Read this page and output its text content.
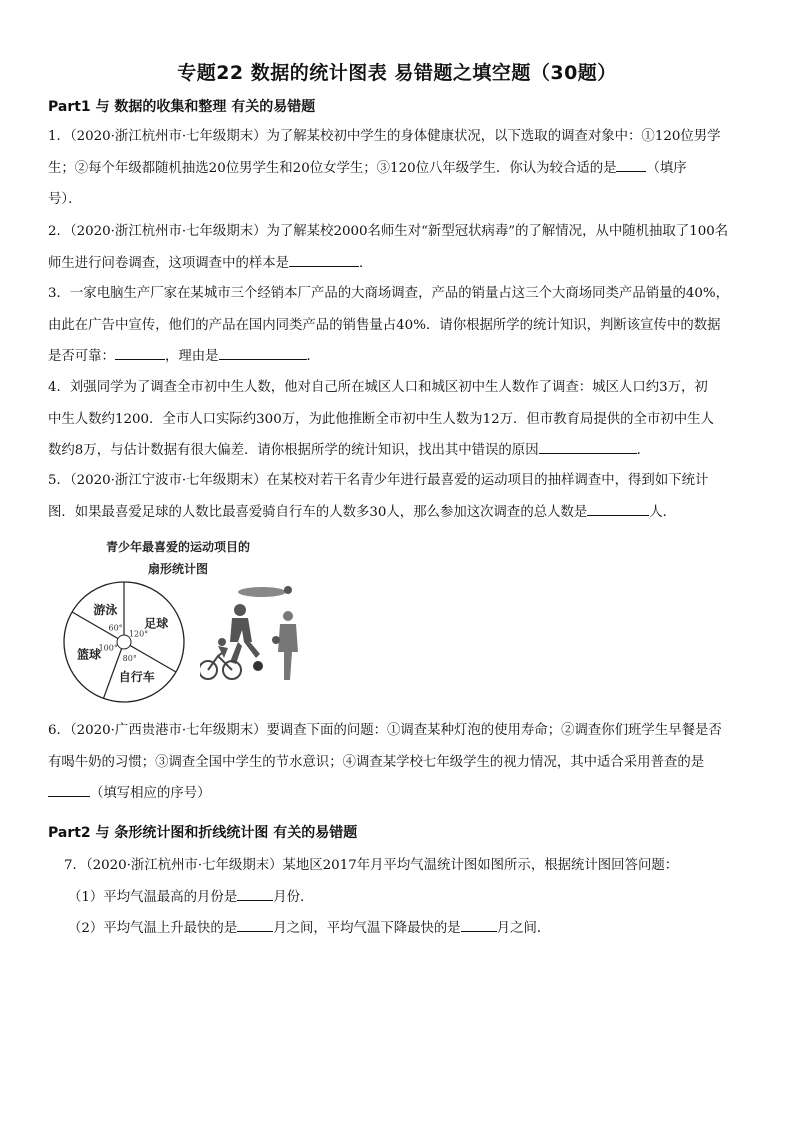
专题22 数据的统计图表 易错题之填空题（30题）
Part1 与 数据的收集和整理 有关的易错题
1．（2020·浙江杭州市·七年级期末）为了解某校初中学生的身体健康状况，以下选取的调查对象中：①120位男学
生；②每个年级都随机抽选20位男学生和20位女学生；③120位八年级学生．你认为较合适的是 （填序
号）．
2．（2020·浙江杭州市·七年级期末）为了解某校2000名师生对“新型冠状病毒”的了解情况，从中随机抽取了100名
师生进行问卷调查，这项调查中的样本是	．
3．一家电脑生产厂家在某城市三个经销本厂产品的大商场调查，产品的销量占这三个大商场同类产品销量的40%，
由此在广告中宣传，他们的产品在国内同类产品的销售量占40%．请你根据所学的统计知识，判断该宣传中的数据
是否可靠：	，理由是	．
4．刘强同学为了调查全市初中生人数，他对自己所在城区人口和城区初中生人数作了调查：城区人口约3万，初
中生人数约1200．全市人口实际约300万，为此他推断全市初中生人数为12万．但市教育局提供的全市初中生人
数约8万，与估计数据有很大偏差．请你根据所学的统计知识，找出其中错误的原因	．
5．（2020·浙江宁波市·七年级期末）在某校对若干名青少年进行最喜爱的运动项目的抽样调查中，得到如下统计
图．如果最喜爱足球的人数比最喜爱骑自行车的人数多30人，那么参加这次调查的总人数是	人．
青少年最喜爱的运动项目的
扇形统计图
足球
120°
自行车
80°
篮球
100°
游泳
60°
6．（2020·广西贵港市·七年级期末）要调查下面的问题：①调查某种灯泡的使用寿命；②调查你们班学生早餐是否
有喝牛奶的习惯；③调查全国中学生的节水意识；④调查某学校七年级学生的视力情况，其中适合采用普查的是
（填写相应的序号）
Part2 与 条形统计图和折线统计图 有关的易错题
7．（2020·浙江杭州市·七年级期末）某地区2017年月平均气温统计图如图所示，根据统计图回答问题：
（1）平均气温最高的月份是	月份．
（2）平均气温上升最快的是	月之间，平均气温下降最快的是	月之间．
